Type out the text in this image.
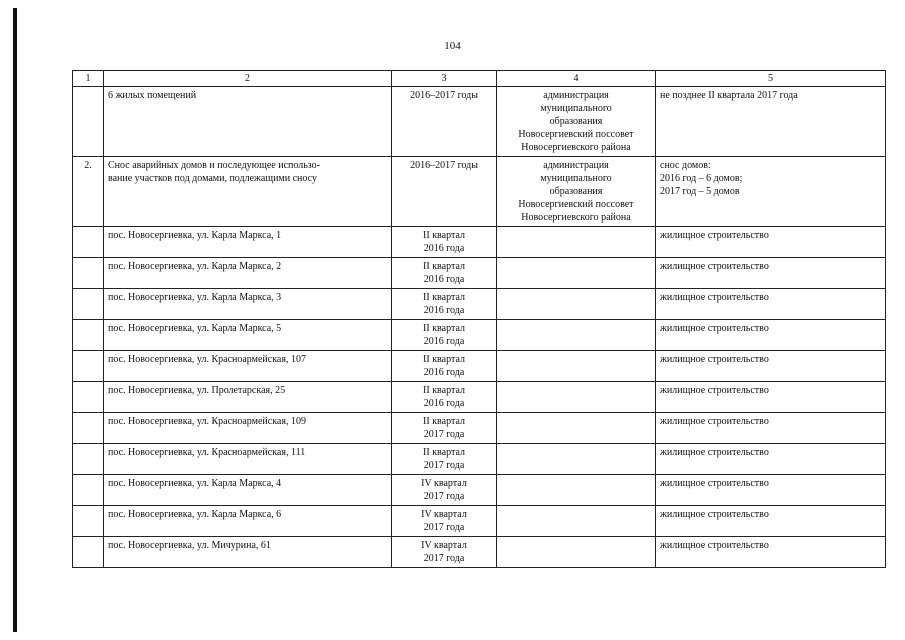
104
1	2	3	4	5
	6 жилых помещений	2016–2017 годы	администрация
муниципального
образования
Новосергиевский поссовет
Новосергиевского района	не позднее II квартала 2017 года
2.	Снос аварийных домов и последующее использо-
вание участков под домами, подлежащими сносу	2016–2017 годы	администрация
муниципального
образования
Новосергиевский поссовет
Новосергиевского района	снос домов:
2016 год – 6 домов;
2017 год – 5 домов
	пос. Новосергиевка, ул. Карла Маркса, 1	II квартал
2016 года		жилищное строительство
	пос. Новосергиевка, ул. Карла Маркса, 2	II квартал
2016 года		жилищное строительство
	пос. Новосергиевка, ул. Карла Маркса, 3	II квартал
2016 года		жилищное строительство
	пос. Новосергиевка, ул. Карла Маркса, 5	II квартал
2016 года		жилищное строительство
	пос. Новосергиевка, ул. Красноармейская, 107	II квартал
2016 года		жилищное строительство
	пос. Новосергиевка, ул. Пролетарская, 25	II квартал
2016 года		жилищное строительство
	пос. Новосергиевка, ул. Красноармейская, 109	II квартал
2017 года		жилищное строительство
	пос. Новосергиевка, ул. Красноармейская, 111	II квартал
2017 года		жилищное строительство
	пос. Новосергиевка, ул. Карла Маркса, 4	IV квартал
2017 года		жилищное строительство
	пос. Новосергиевка, ул. Карла Маркса, 6	IV квартал
2017 года		жилищное строительство
	пос. Новосергиевка, ул. Мичурина, 61	IV квартал
2017 года		жилищное строительство
